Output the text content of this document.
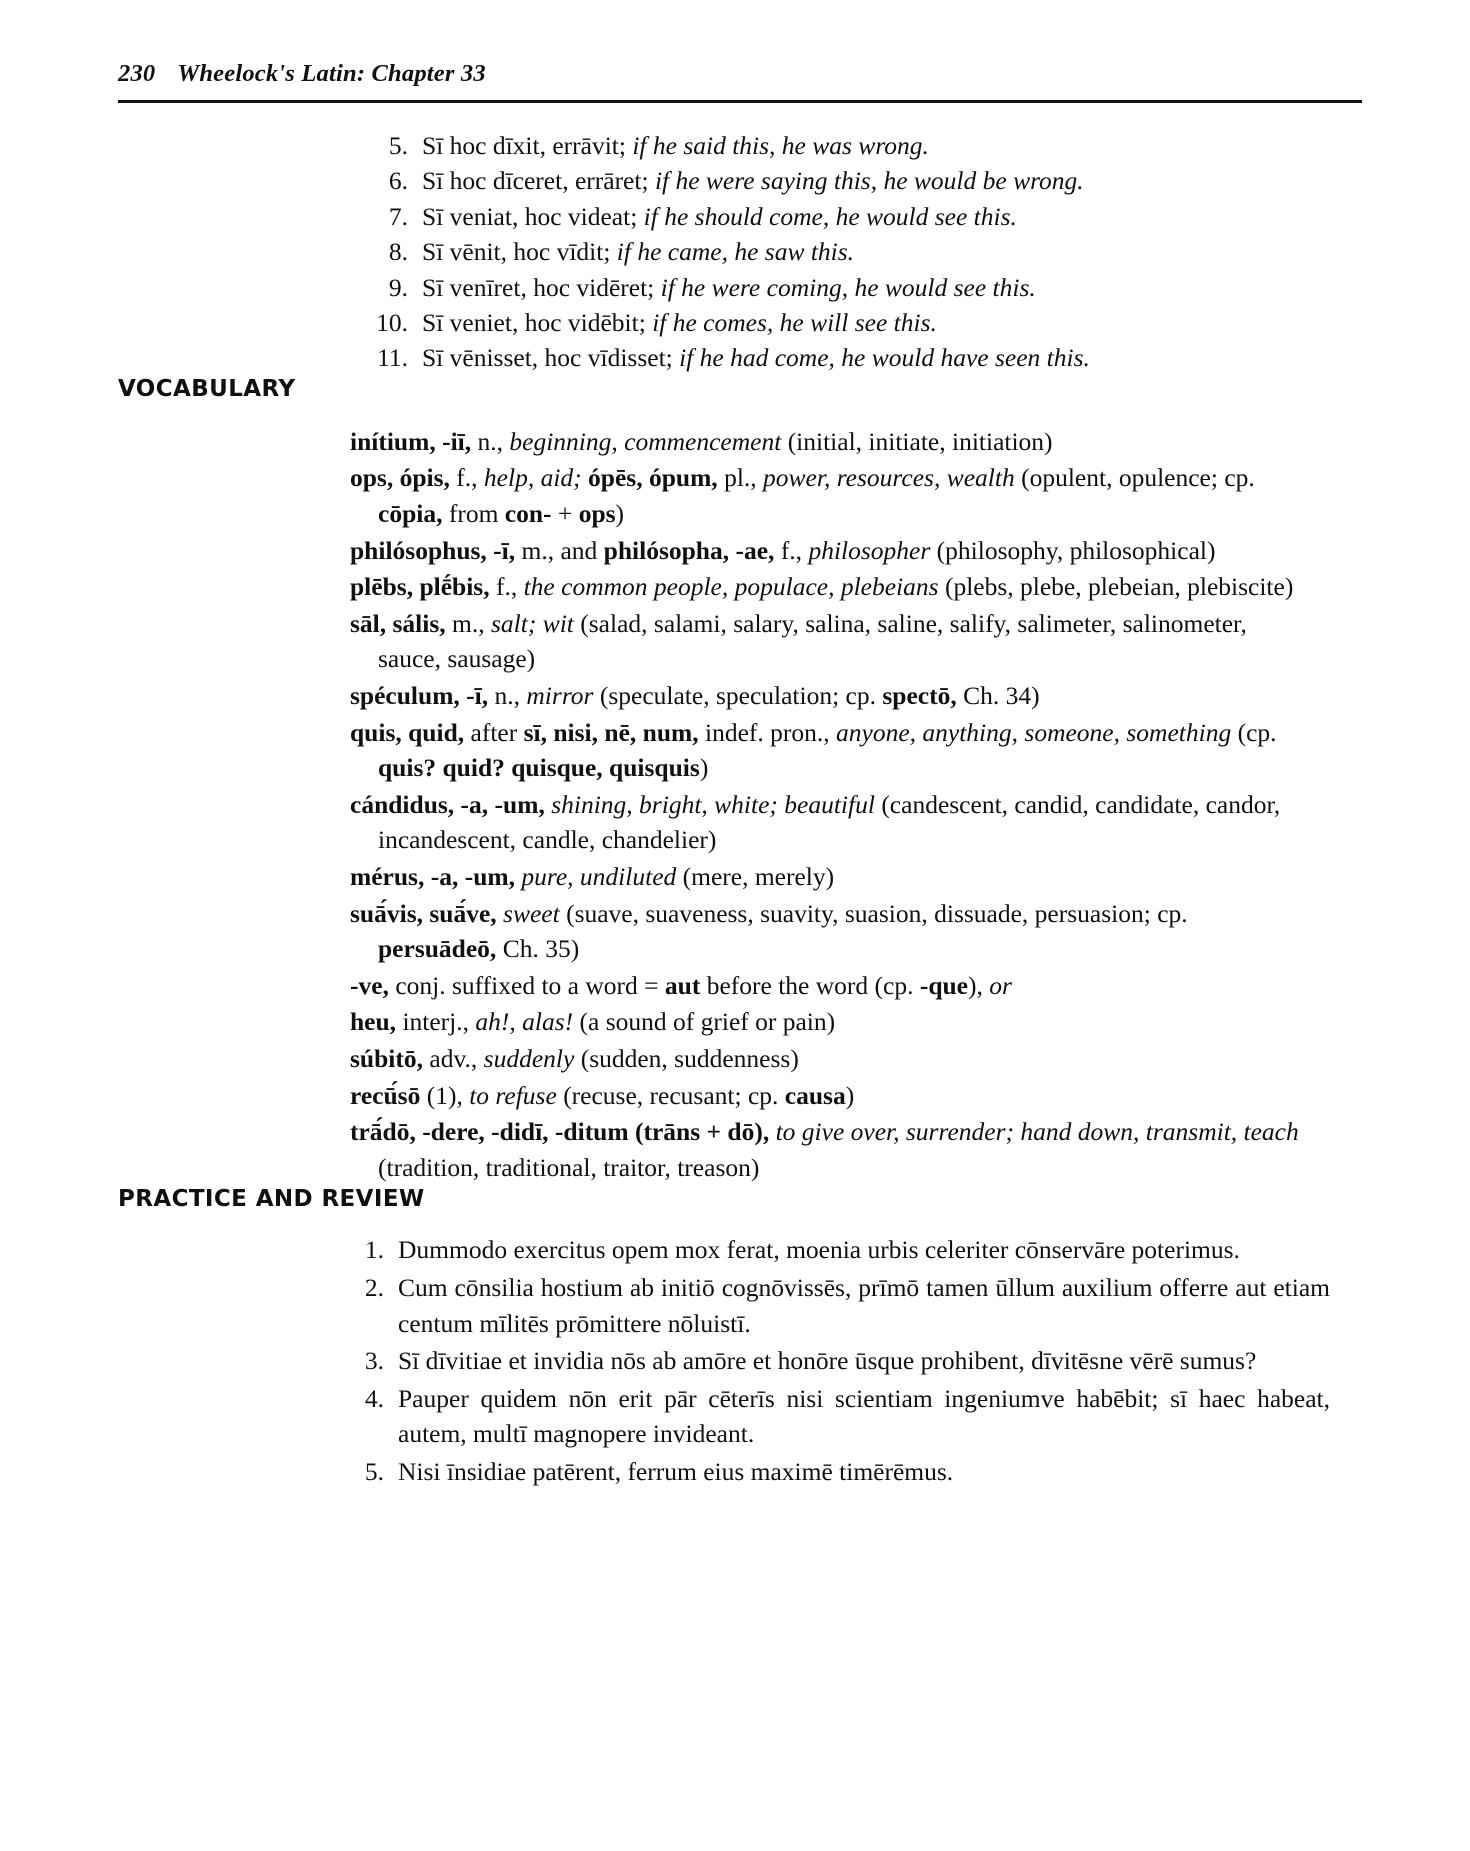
230 Wheelock's Latin: Chapter 33
5. Sī hoc dīxit, errāvit; if he said this, he was wrong.
6. Sī hoc dīceret, errāret; if he were saying this, he would be wrong.
7. Sī veniat, hoc videat; if he should come, he would see this.
8. Sī vēnit, hoc vīdit; if he came, he saw this.
9. Sī venīret, hoc vidēret; if he were coming, he would see this.
10. Sī veniet, hoc vidēbit; if he comes, he will see this.
11. Sī vēnisset, hoc vīdisset; if he had come, he would have seen this.
VOCABULARY
inítium, -iī, n., beginning, commencement (initial, initiate, initiation)
ops, ópis, f., help, aid; ópēs, ópum, pl., power, resources, wealth (opulent, opulence; cp. cōpia, from con- + ops)
philósophus, -ī, m., and philósopha, -ae, f., philosopher (philosophy, philosophical)
plēbs, plḗbis, f., the common people, populace, plebeians (plebs, plebe, plebeian, plebiscite)
sāl, sális, m., salt; wit (salad, salami, salary, salina, saline, salify, salimeter, salinometer, sauce, sausage)
spéculum, -ī, n., mirror (speculate, speculation; cp. spectō, Ch. 34)
quis, quid, after sī, nisi, nē, num, indef. pron., anyone, anything, someone, something (cp. quis? quid? quisque, quisquis)
cándidus, -a, -um, shining, bright, white; beautiful (candescent, candid, candidate, candor, incandescent, candle, chandelier)
mérus, -a, -um, pure, undiluted (mere, merely)
suā́vis, suā́ve, sweet (suave, suaveness, suavity, suasion, dissuade, persuasion; cp. persuādeō, Ch. 35)
-ve, conj. suffixed to a word = aut before the word (cp. -que), or
heu, interj., ah!, alas! (a sound of grief or pain)
súbitō, adv., suddenly (sudden, suddenness)
recū́sō (1), to refuse (recuse, recusant; cp. causa)
trā́dō, -dere, -didī, -ditum (trāns + dō), to give over, surrender; hand down, transmit, teach (tradition, traditional, traitor, treason)
PRACTICE AND REVIEW
1. Dummodo exercitus opem mox ferat, moenia urbis celeriter cōnservāre poterimus.
2. Cum cōnsilia hostium ab initiō cognōvissēs, prīmō tamen ūllum auxilium offerre aut etiam centum mīlitēs prōmittere nōluistī.
3. Sī dīvitiae et invidia nōs ab amōre et honōre ūsque prohibent, dīvitēsne vērē sumus?
4. Pauper quidem nōn erit pār cēterīs nisi scientiam ingeniumve habēbit; sī haec habeat, autem, multī magnopere invideant.
5. Nisi īnsidiae patērent, ferrum eius maximē timērēmus.
